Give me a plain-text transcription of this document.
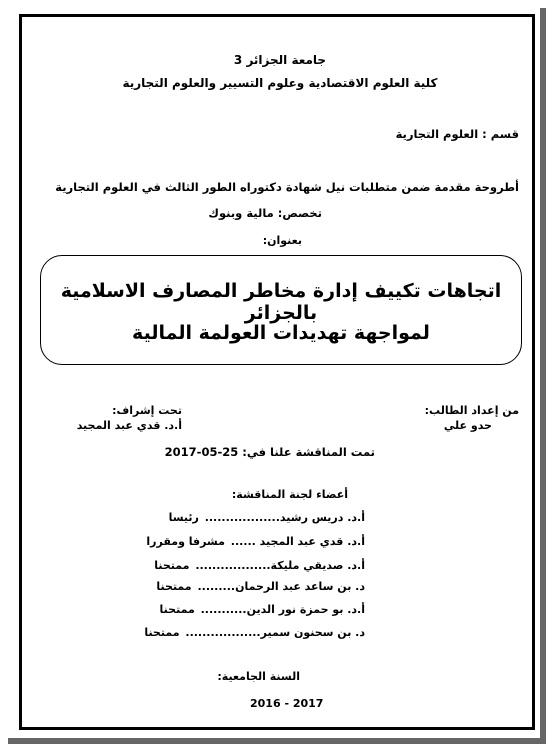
جامعة الجزائر 3
كلية العلوم الاقتصادية وعلوم التسيير والعلوم التجارية
قسم : العلوم التجارية
أطروحة مقدمة ضمن متطلبات نيل شهادة دكتوراه الطور الثالث في العلوم التجارية
تخصص: مالية وبنوك
بعنوان:
اتجاهات تكييف إدارة مخاطر المصارف الاسلامية بالجزائر
لمواجهة تهديدات العولمة المالية
من إعداد الطالب:
حدو علي
تحت إشراف:
أ.د. قدي عبد المجيد
تمت المناقشة علنا في: 25-05-2017
أعضاء لجنة المناقشة:
أ.د. دريس رشيد.................. رئيسا
أ.د. قدي عبد المجيد ...... مشرفا ومقررا
أ.د. صديقي مليكة.................. ممتحنا
د. بن ساعد عبد الرحمان......... ممتحنا
أ.د. بو حمزة نور الدين........... ممتحنا
د. بن سحنون سمير.................. ممتحنا
السنة الجامعية:
2016 - 2017
